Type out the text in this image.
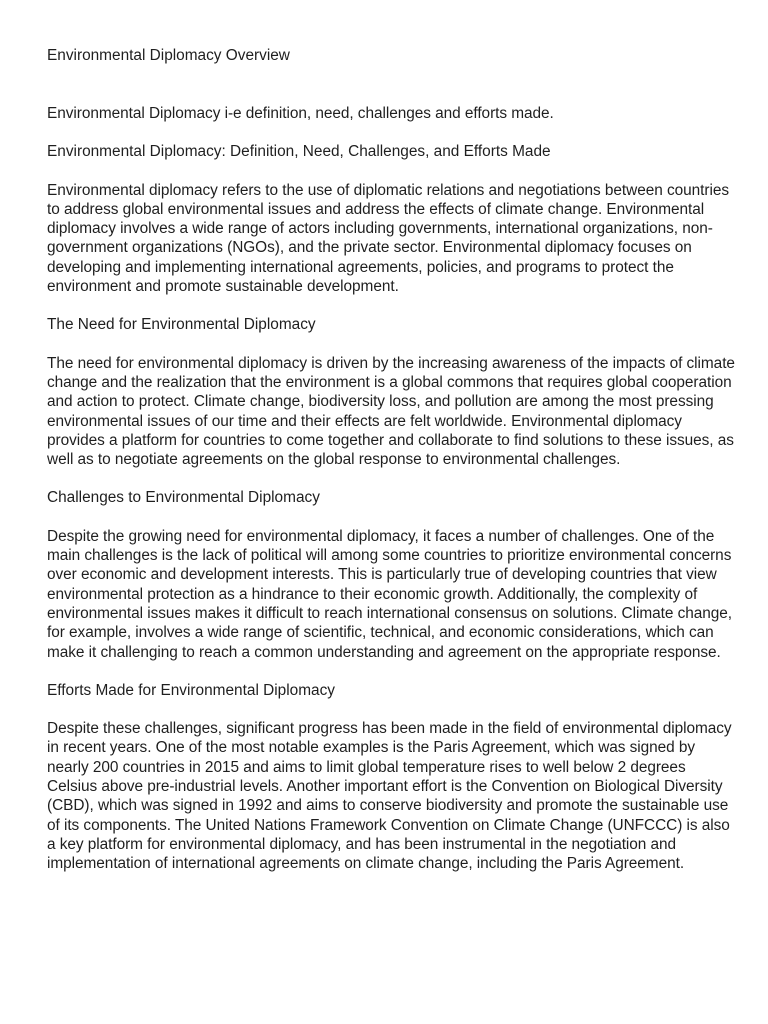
Environmental Diplomacy Overview

Environmental Diplomacy i-e definition, need, challenges and efforts made.

Environmental Diplomacy: Definition, Need, Challenges, and Efforts Made

Environmental diplomacy refers to the use of diplomatic relations and negotiations between countries to address global environmental issues and address the effects of climate change. Environmental diplomacy involves a wide range of actors including governments, international organizations, non-government organizations (NGOs), and the private sector. Environmental diplomacy focuses on developing and implementing international agreements, policies, and programs to protect the environment and promote sustainable development.

The Need for Environmental Diplomacy

The need for environmental diplomacy is driven by the increasing awareness of the impacts of climate change and the realization that the environment is a global commons that requires global cooperation and action to protect. Climate change, biodiversity loss, and pollution are among the most pressing environmental issues of our time and their effects are felt worldwide. Environmental diplomacy provides a platform for countries to come together and collaborate to find solutions to these issues, as well as to negotiate agreements on the global response to environmental challenges.

Challenges to Environmental Diplomacy

Despite the growing need for environmental diplomacy, it faces a number of challenges. One of the main challenges is the lack of political will among some countries to prioritize environmental concerns over economic and development interests. This is particularly true of developing countries that view environmental protection as a hindrance to their economic growth. Additionally, the complexity of environmental issues makes it difficult to reach international consensus on solutions. Climate change, for example, involves a wide range of scientific, technical, and economic considerations, which can make it challenging to reach a common understanding and agreement on the appropriate response.

Efforts Made for Environmental Diplomacy

Despite these challenges, significant progress has been made in the field of environmental diplomacy in recent years. One of the most notable examples is the Paris Agreement, which was signed by nearly 200 countries in 2015 and aims to limit global temperature rises to well below 2 degrees Celsius above pre-industrial levels. Another important effort is the Convention on Biological Diversity (CBD), which was signed in 1992 and aims to conserve biodiversity and promote the sustainable use of its components. The United Nations Framework Convention on Climate Change (UNFCCC) is also a key platform for environmental diplomacy, and has been instrumental in the negotiation and implementation of international agreements on climate change, including the Paris Agreement.
